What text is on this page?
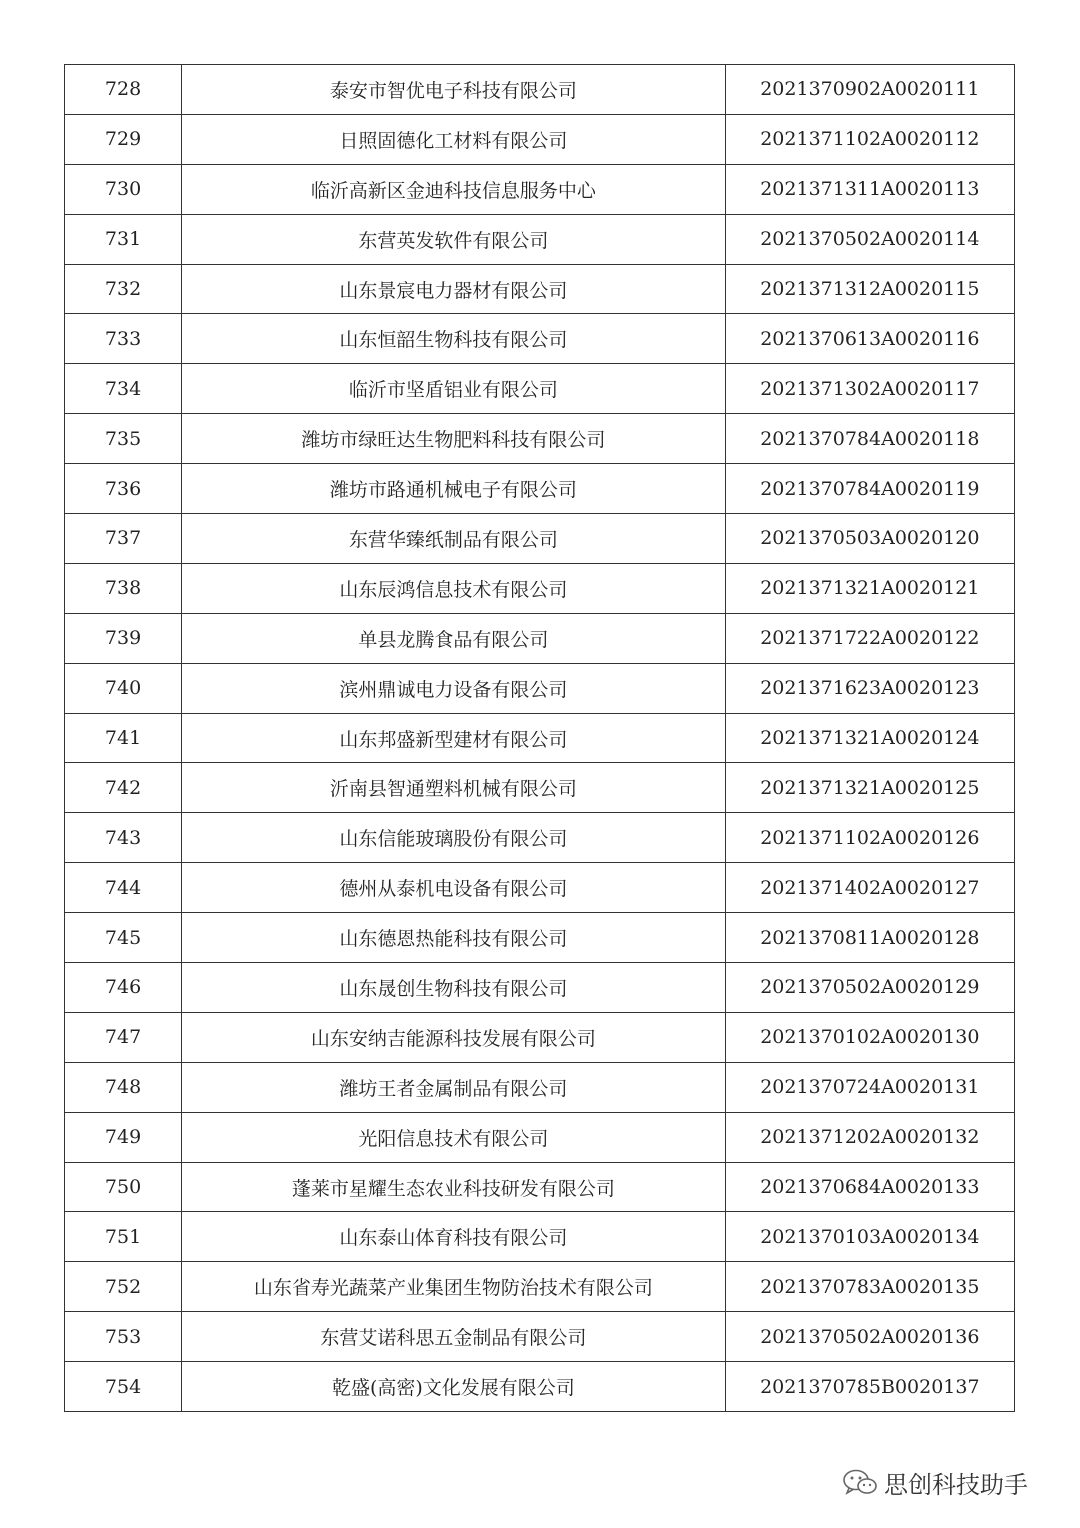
728	泰安市智优电子科技有限公司	2021370902A0020111
729	日照固德化工材料有限公司	2021371102A0020112
730	临沂高新区金迪科技信息服务中心	2021371311A0020113
731	东营英发软件有限公司	2021370502A0020114
732	山东景宸电力器材有限公司	2021371312A0020115
733	山东恒韶生物科技有限公司	2021370613A0020116
734	临沂市坚盾铝业有限公司	2021371302A0020117
735	潍坊市绿旺达生物肥料科技有限公司	2021370784A0020118
736	潍坊市路通机械电子有限公司	2021370784A0020119
737	东营华臻纸制品有限公司	2021370503A0020120
738	山东辰鸿信息技术有限公司	2021371321A0020121
739	单县龙腾食品有限公司	2021371722A0020122
740	滨州鼎诚电力设备有限公司	2021371623A0020123
741	山东邦盛新型建材有限公司	2021371321A0020124
742	沂南县智通塑料机械有限公司	2021371321A0020125
743	山东信能玻璃股份有限公司	2021371102A0020126
744	德州从泰机电设备有限公司	2021371402A0020127
745	山东德恩热能科技有限公司	2021370811A0020128
746	山东晟创生物科技有限公司	2021370502A0020129
747	山东安纳吉能源科技发展有限公司	2021370102A0020130
748	潍坊王者金属制品有限公司	2021370724A0020131
749	光阳信息技术有限公司	2021371202A0020132
750	蓬莱市星耀生态农业科技研发有限公司	2021370684A0020133
751	山东泰山体育科技有限公司	2021370103A0020134
752	山东省寿光蔬菜产业集团生物防治技术有限公司	2021370783A0020135
753	东营艾诺科思五金制品有限公司	2021370502A0020136
754	乾盛(高密)文化发展有限公司	2021370785B0020137
思创科技助手
